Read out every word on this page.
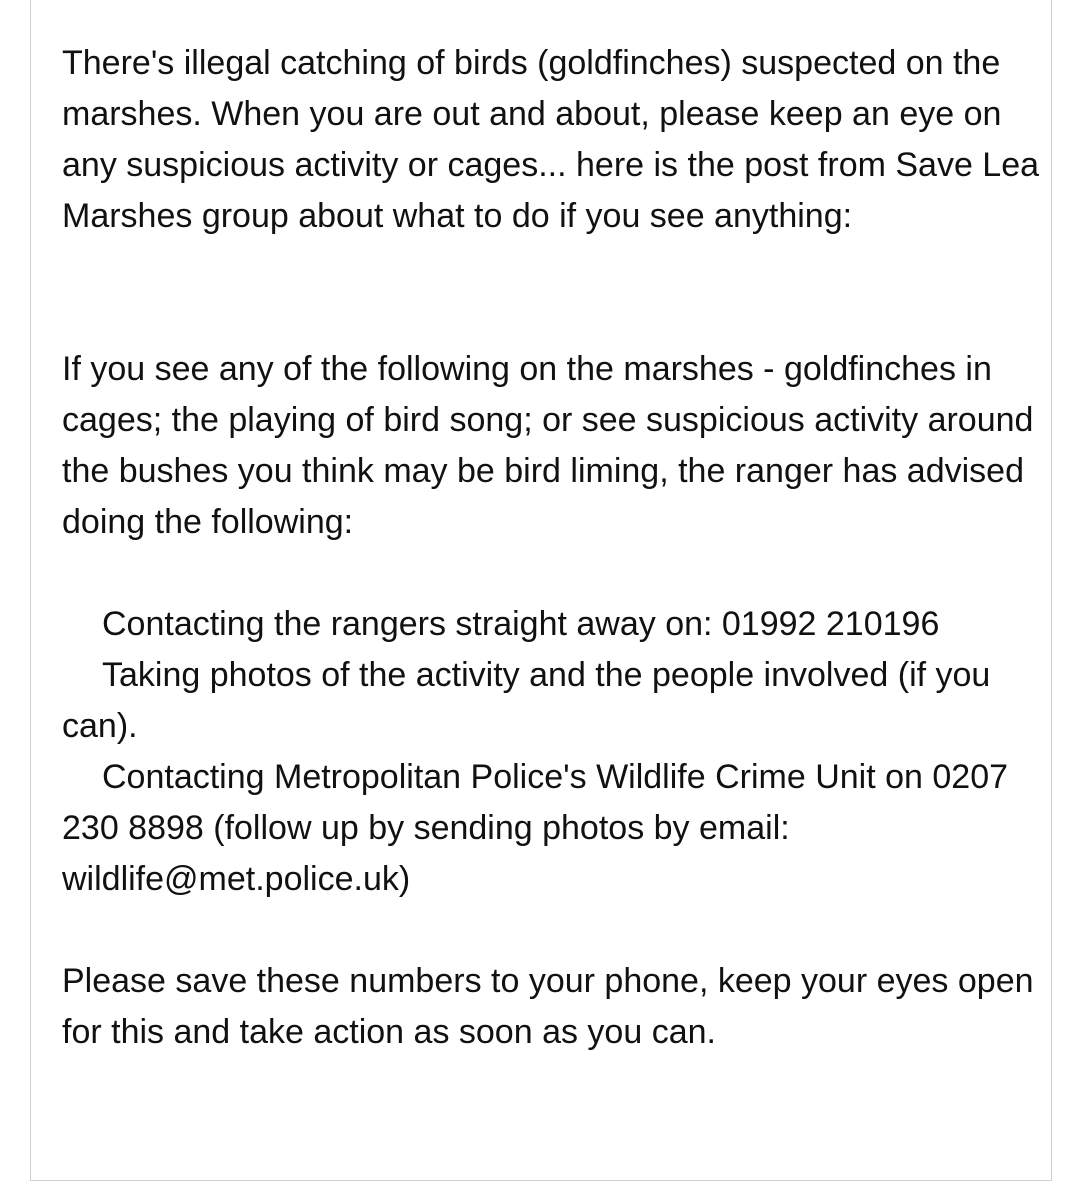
There's illegal catching of birds (goldfinches) suspected on the marshes. When you are out and about, please keep an eye on any suspicious activity or cages... here is the post from Save Lea Marshes group about what to do if you see anything:

If you see any of the following on the marshes - goldfinches in cages; the playing of bird song; or see suspicious activity around the bushes you think may be bird liming, the ranger has advised doing the following:

Contacting the rangers straight away on: 01992 210196

Taking photos of the activity and the people involved (if you can).

Contacting Metropolitan Police's Wildlife Crime Unit on 0207 230 8898 (follow up by sending photos by email: wildlife@met.police.uk)

Please save these numbers to your phone, keep your eyes open for this and take action as soon as you can.
